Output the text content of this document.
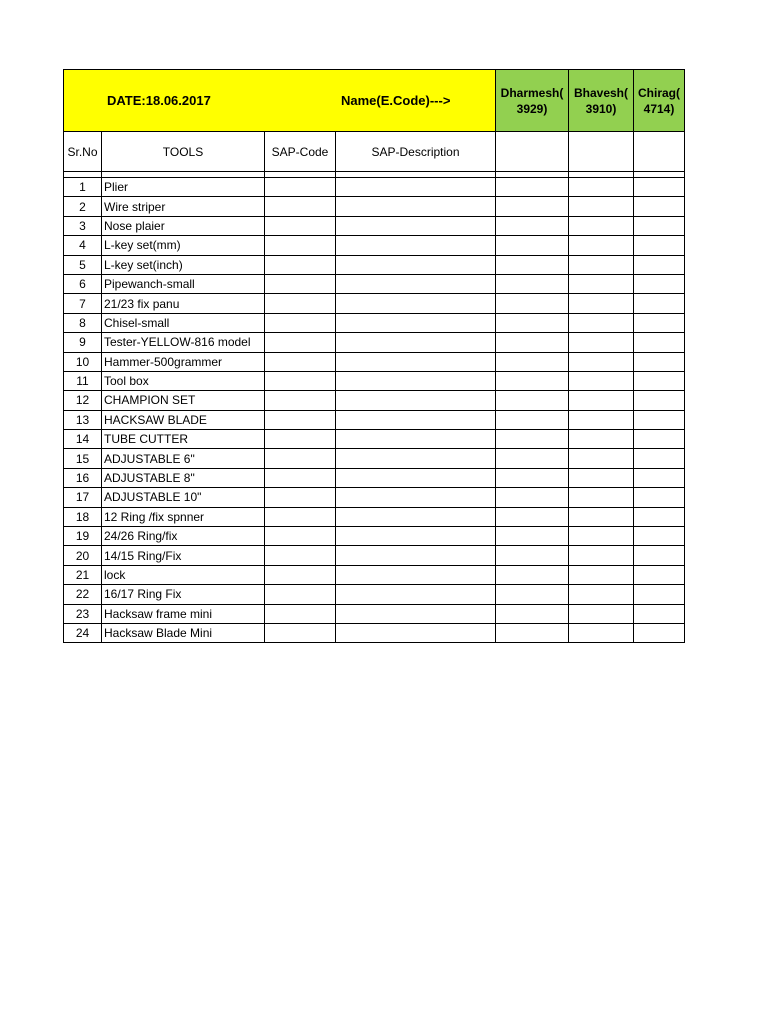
DATE:18.06.2017 Name(E.Code)--->				Dharmesh( 3929)	Bhavesh( 3910)	Chirag( 4714)
Sr.No	TOOLS	SAP-Code	SAP-Description			

1	Plier					
2	Wire striper					
3	Nose plaier					
4	L-key set(mm)					
5	L-key set(inch)					
6	Pipewanch-small					
7	21/23 fix panu					
8	Chisel-small					
9	Tester-YELLOW-816 model					
10	Hammer-500grammer					
11	Tool box					
12	CHAMPION SET					
13	HACKSAW BLADE					
14	TUBE CUTTER					
15	ADJUSTABLE 6"					
16	ADJUSTABLE 8"					
17	ADJUSTABLE 10"					
18	12 Ring /fix spnner					
19	24/26 Ring/fix					
20	14/15 Ring/Fix					
21	lock					
22	16/17 Ring Fix					
23	Hacksaw frame mini					
24	Hacksaw Blade Mini					
